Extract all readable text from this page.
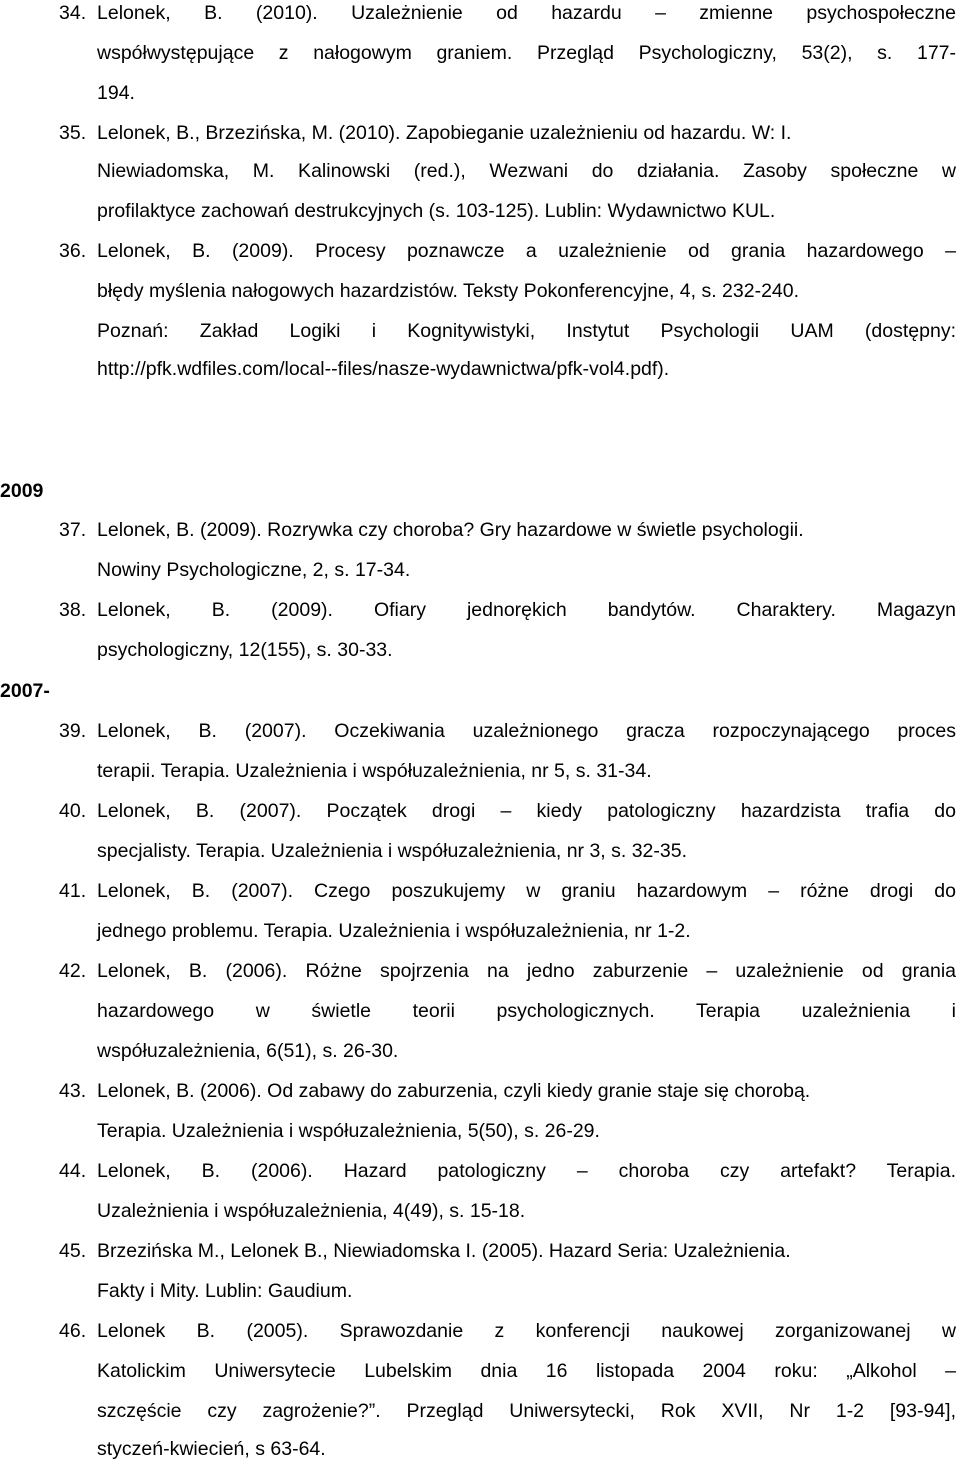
34. Lelonek, B. (2010). Uzależnienie od hazardu – zmienne psychospołeczne
współwystępujące z nałogowym graniem. Przegląd Psychologiczny, 53(2), s. 177-
194.
35. Lelonek, B., Brzezińska, M. (2010). Zapobieganie uzależnieniu od hazardu. W: I.
Niewiadomska, M. Kalinowski (red.), Wezwani do działania. Zasoby społeczne w
profilaktyce zachowań destrukcyjnych (s. 103-125). Lublin: Wydawnictwo KUL.
36. Lelonek, B. (2009). Procesy poznawcze a uzależnienie od grania hazardowego –
błędy myślenia nałogowych hazardzistów. Teksty Pokonferencyjne, 4, s. 232-240.
Poznań: Zakład Logiki i Kognitywistyki, Instytut Psychologii UAM (dostępny:
http://pfk.wdfiles.com/local--files/nasze-wydawnictwa/pfk-vol4.pdf).
2009
37. Lelonek, B. (2009). Rozrywka czy choroba? Gry hazardowe w świetle psychologii.
Nowiny Psychologiczne, 2, s. 17-34.
38. Lelonek, B. (2009). Ofiary jednorękich bandytów. Charaktery. Magazyn
psychologiczny, 12(155), s. 30-33.
2007-
39. Lelonek, B. (2007). Oczekiwania uzależnionego gracza rozpoczynającego proces
terapii. Terapia. Uzależnienia i współuzależnienia, nr 5, s. 31-34.
40. Lelonek, B. (2007). Początek drogi – kiedy patologiczny hazardzista trafia do
specjalisty. Terapia. Uzależnienia i współuzależnienia, nr 3, s. 32-35.
41. Lelonek, B. (2007). Czego poszukujemy w graniu hazardowym – różne drogi do
jednego problemu. Terapia. Uzależnienia i współuzależnienia, nr 1-2.
42. Lelonek, B. (2006). Różne spojrzenia na jedno zaburzenie – uzależnienie od grania
hazardowego w świetle teorii psychologicznych. Terapia uzależnienia i
współuzależnienia, 6(51), s. 26-30.
43. Lelonek, B. (2006). Od zabawy do zaburzenia, czyli kiedy granie staje się chorobą.
Terapia. Uzależnienia i współuzależnienia, 5(50), s. 26-29.
44. Lelonek, B. (2006). Hazard patologiczny – choroba czy artefakt? Terapia.
Uzależnienia i współuzależnienia, 4(49), s. 15-18.
45. Brzezińska M., Lelonek B., Niewiadomska I. (2005). Hazard Seria: Uzależnienia.
Fakty i Mity. Lublin: Gaudium.
46. Lelonek B. (2005). Sprawozdanie z konferencji naukowej zorganizowanej w
Katolickim Uniwersytecie Lubelskim dnia 16 listopada 2004 roku: „Alkohol –
szczęście czy zagrożenie?”. Przegląd Uniwersytecki, Rok XVII, Nr 1-2 [93-94],
styczeń-kwiecień, s 63-64.
